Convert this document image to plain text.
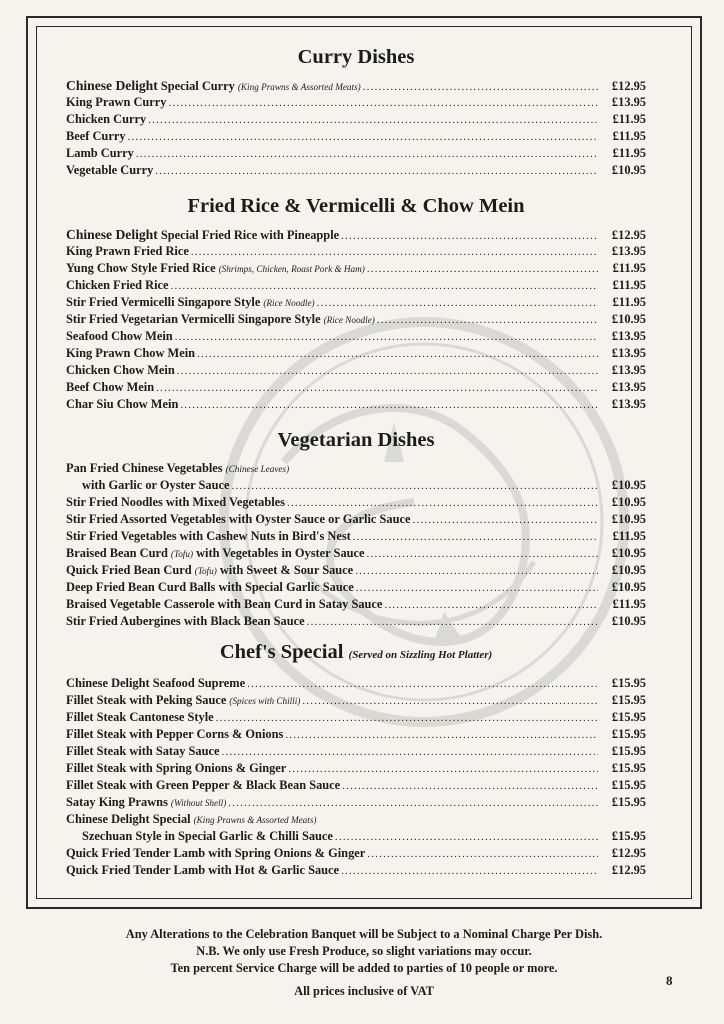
Curry Dishes
Chinese Delight Special Curry (King Prawns & Assorted Meats) .....	£12.95
King Prawn Curry .....	£13.95
Chicken Curry .....	£11.95
Beef Curry .....	£11.95
Lamb Curry .....	£11.95
Vegetable Curry .....	£10.95
Fried Rice & Vermicelli & Chow Mein
Chinese Delight Special Fried Rice with Pineapple .....	£12.95
King Prawn Fried Rice .....	£13.95
Yung Chow Style Fried Rice (Shrimps, Chicken, Roast Pork & Ham) .....	£11.95
Chicken Fried Rice .....	£11.95
Stir Fried Vermicelli Singapore Style (Rice Noodle) .....	£11.95
Stir Fried Vegetarian Vermicelli Singapore Style (Rice Noodle) .....	£10.95
Seafood Chow Mein .....	£13.95
King Prawn Chow Mein .....	£13.95
Chicken Chow Mein .....	£13.95
Beef Chow Mein .....	£13.95
Char Siu Chow Mein .....	£13.95
Vegetarian Dishes
Pan Fried Chinese Vegetables (Chinese Leaves)
with Garlic or Oyster Sauce .....	£10.95
Stir Fried Noodles with Mixed Vegetables .....	£10.95
Stir Fried Assorted Vegetables with Oyster Sauce or Garlic Sauce .....	£10.95
Stir Fried Vegetables with Cashew Nuts in Bird's Nest .....	£11.95
Braised Bean Curd (Tofu) with Vegetables in Oyster Sauce .....	£10.95
Quick Fried Bean Curd (Tofu) with Sweet & Sour Sauce .....	£10.95
Deep Fried Bean Curd Balls with Special Garlic Sauce .....	£10.95
Braised Vegetable Casserole with Bean Curd in Satay Sauce .....	£11.95
Stir Fried Aubergines with Black Bean Sauce .....	£10.95
Chef's Special (Served on Sizzling Hot Platter)
Chinese Delight Seafood Supreme .....	£15.95
Fillet Steak with Peking Sauce (Spices with Chilli) .....	£15.95
Fillet Steak Cantonese Style .....	£15.95
Fillet Steak with Pepper Corns & Onions .....	£15.95
Fillet Steak with Satay Sauce .....	£15.95
Fillet Steak with Spring Onions & Ginger .....	£15.95
Fillet Steak with Green Pepper & Black Bean Sauce .....	£15.95
Satay King Prawns (Without Shell) .....	£15.95
Chinese Delight Special (King Prawns & Assorted Meats)
Szechuan Style in Special Garlic & Chilli Sauce .....	£15.95
Quick Fried Tender Lamb with Spring Onions & Ginger .....	£12.95
Quick Fried Tender Lamb with Hot & Garlic Sauce .....	£12.95
Any Alterations to the Celebration Banquet will be Subject to a Nominal Charge Per Dish.
N.B. We only use Fresh Produce, so slight variations may occur.
Ten percent Service Charge will be added to parties of 10 people or more.
All prices inclusive of VAT
8
